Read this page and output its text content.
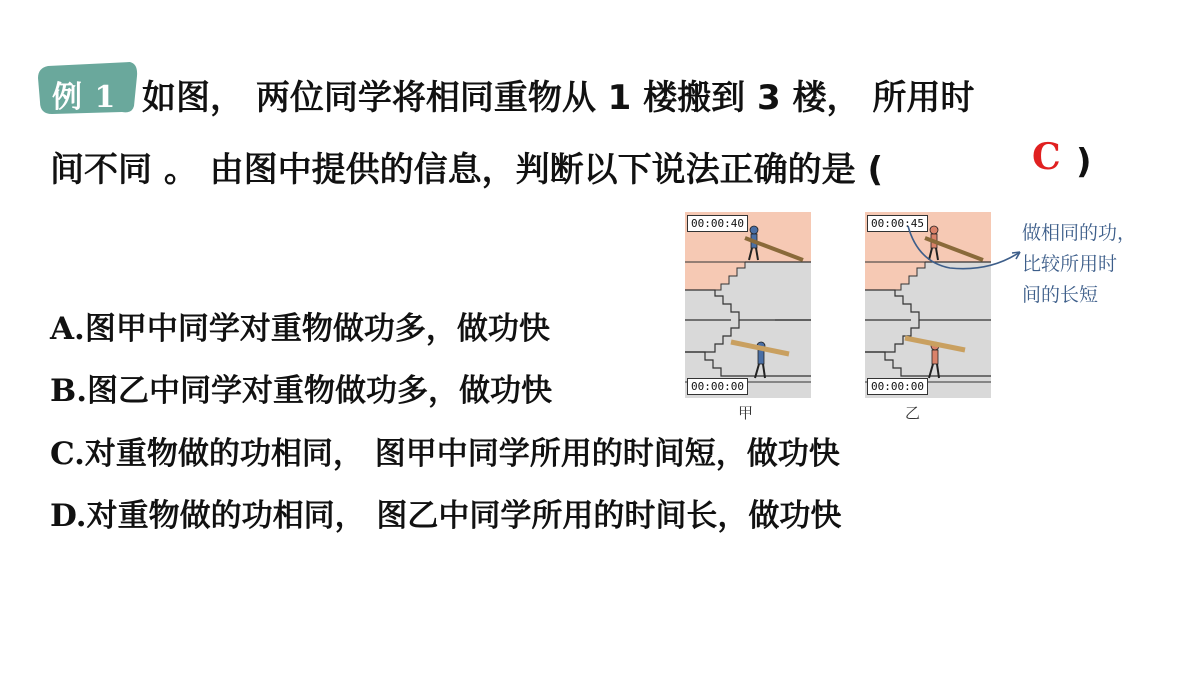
例 1 如图， 两位同学将相同重物从 1 楼搬到 3 楼， 所用时
间不同 。 由图中提供的信息，判断以下说法正确的是 (	C )
A.图甲中同学对重物做功多，做功快
B.图乙中同学对重物做功多，做功快
C.对重物做的功相同， 图甲中同学所用的时间短，做功快
D.对重物做的功相同， 图乙中同学所用的时间长，做功快
00:00:40
00:00:00
甲
00:00:45
00:00:00
乙
做相同的功，
比较所用时
间的长短
